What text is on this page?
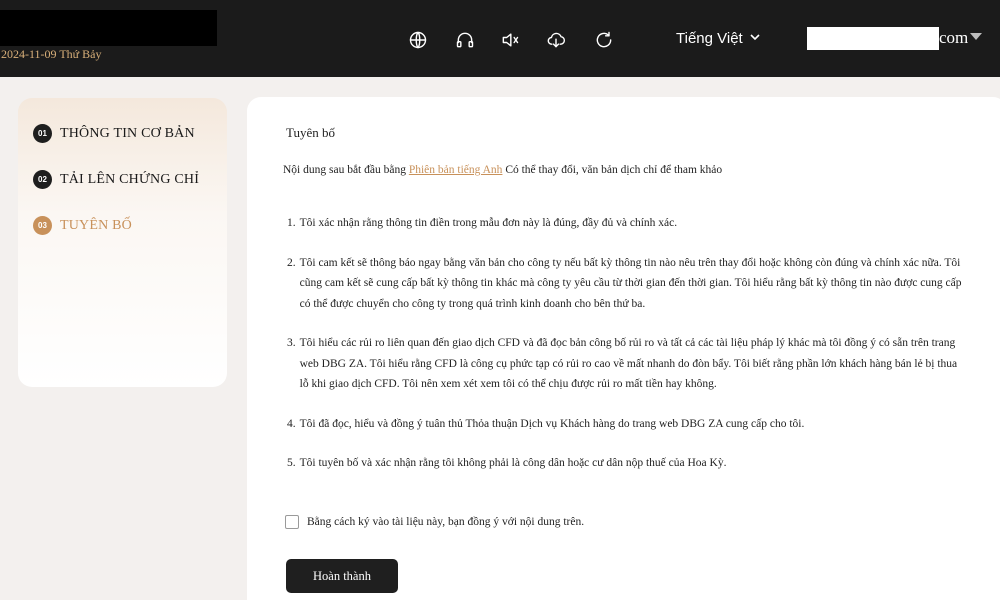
2024-11-09 Thứ Bảy
Tiếng Việt	com
01 THÔNG TIN CƠ BẢN
02 TẢI LÊN CHỨNG CHỈ
03 TUYÊN BỐ
Tuyên bố
Nội dung sau bắt đầu bằng Phiên bản tiếng Anh Có thể thay đổi, văn bản dịch chỉ để tham khảo
1. Tôi xác nhận rằng thông tin điền trong mẫu đơn này là đúng, đầy đủ và chính xác.
2. Tôi cam kết sẽ thông báo ngay bằng văn bản cho công ty nếu bất kỳ thông tin nào nêu trên thay đổi hoặc không còn đúng và chính xác nữa. Tôi cũng cam kết sẽ cung cấp bất kỳ thông tin khác mà công ty yêu cầu từ thời gian đến thời gian. Tôi hiểu rằng bất kỳ thông tin nào được cung cấp có thể được chuyển cho công ty trong quá trình kinh doanh cho bên thứ ba.
3. Tôi hiểu các rủi ro liên quan đến giao dịch CFD và đã đọc bản công bố rủi ro và tất cả các tài liệu pháp lý khác mà tôi đồng ý có sẵn trên trang web DBG ZA. Tôi hiểu rằng CFD là công cụ phức tạp có rủi ro cao về mất nhanh do đòn bẩy. Tôi biết rằng phần lớn khách hàng bán lẻ bị thua lỗ khi giao dịch CFD. Tôi nên xem xét xem tôi có thể chịu được rủi ro mất tiền hay không.
4. Tôi đã đọc, hiểu và đồng ý tuân thủ Thỏa thuận Dịch vụ Khách hàng do trang web DBG ZA cung cấp cho tôi.
5. Tôi tuyên bố và xác nhận rằng tôi không phải là công dân hoặc cư dân nộp thuế của Hoa Kỳ.
Bằng cách ký vào tài liệu này, bạn đồng ý với nội dung trên.
Hoàn thành
